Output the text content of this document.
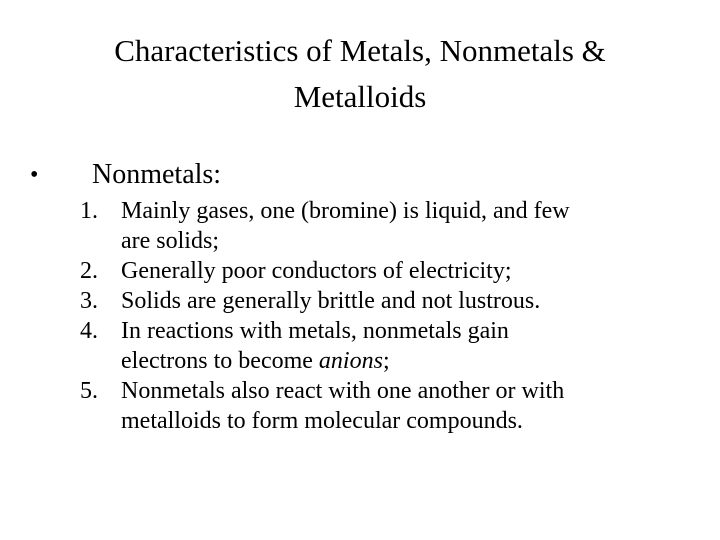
Characteristics of Metals, Nonmetals &
Metalloids
• Nonmetals:
1. Mainly gases, one (bromine) is liquid, and few
are solids;
2. Generally poor conductors of electricity;
3. Solids are generally brittle and not lustrous.
4. In reactions with metals, nonmetals gain
electrons to become anions;
5. Nonmetals also react with one another or with
metalloids to form molecular compounds.
